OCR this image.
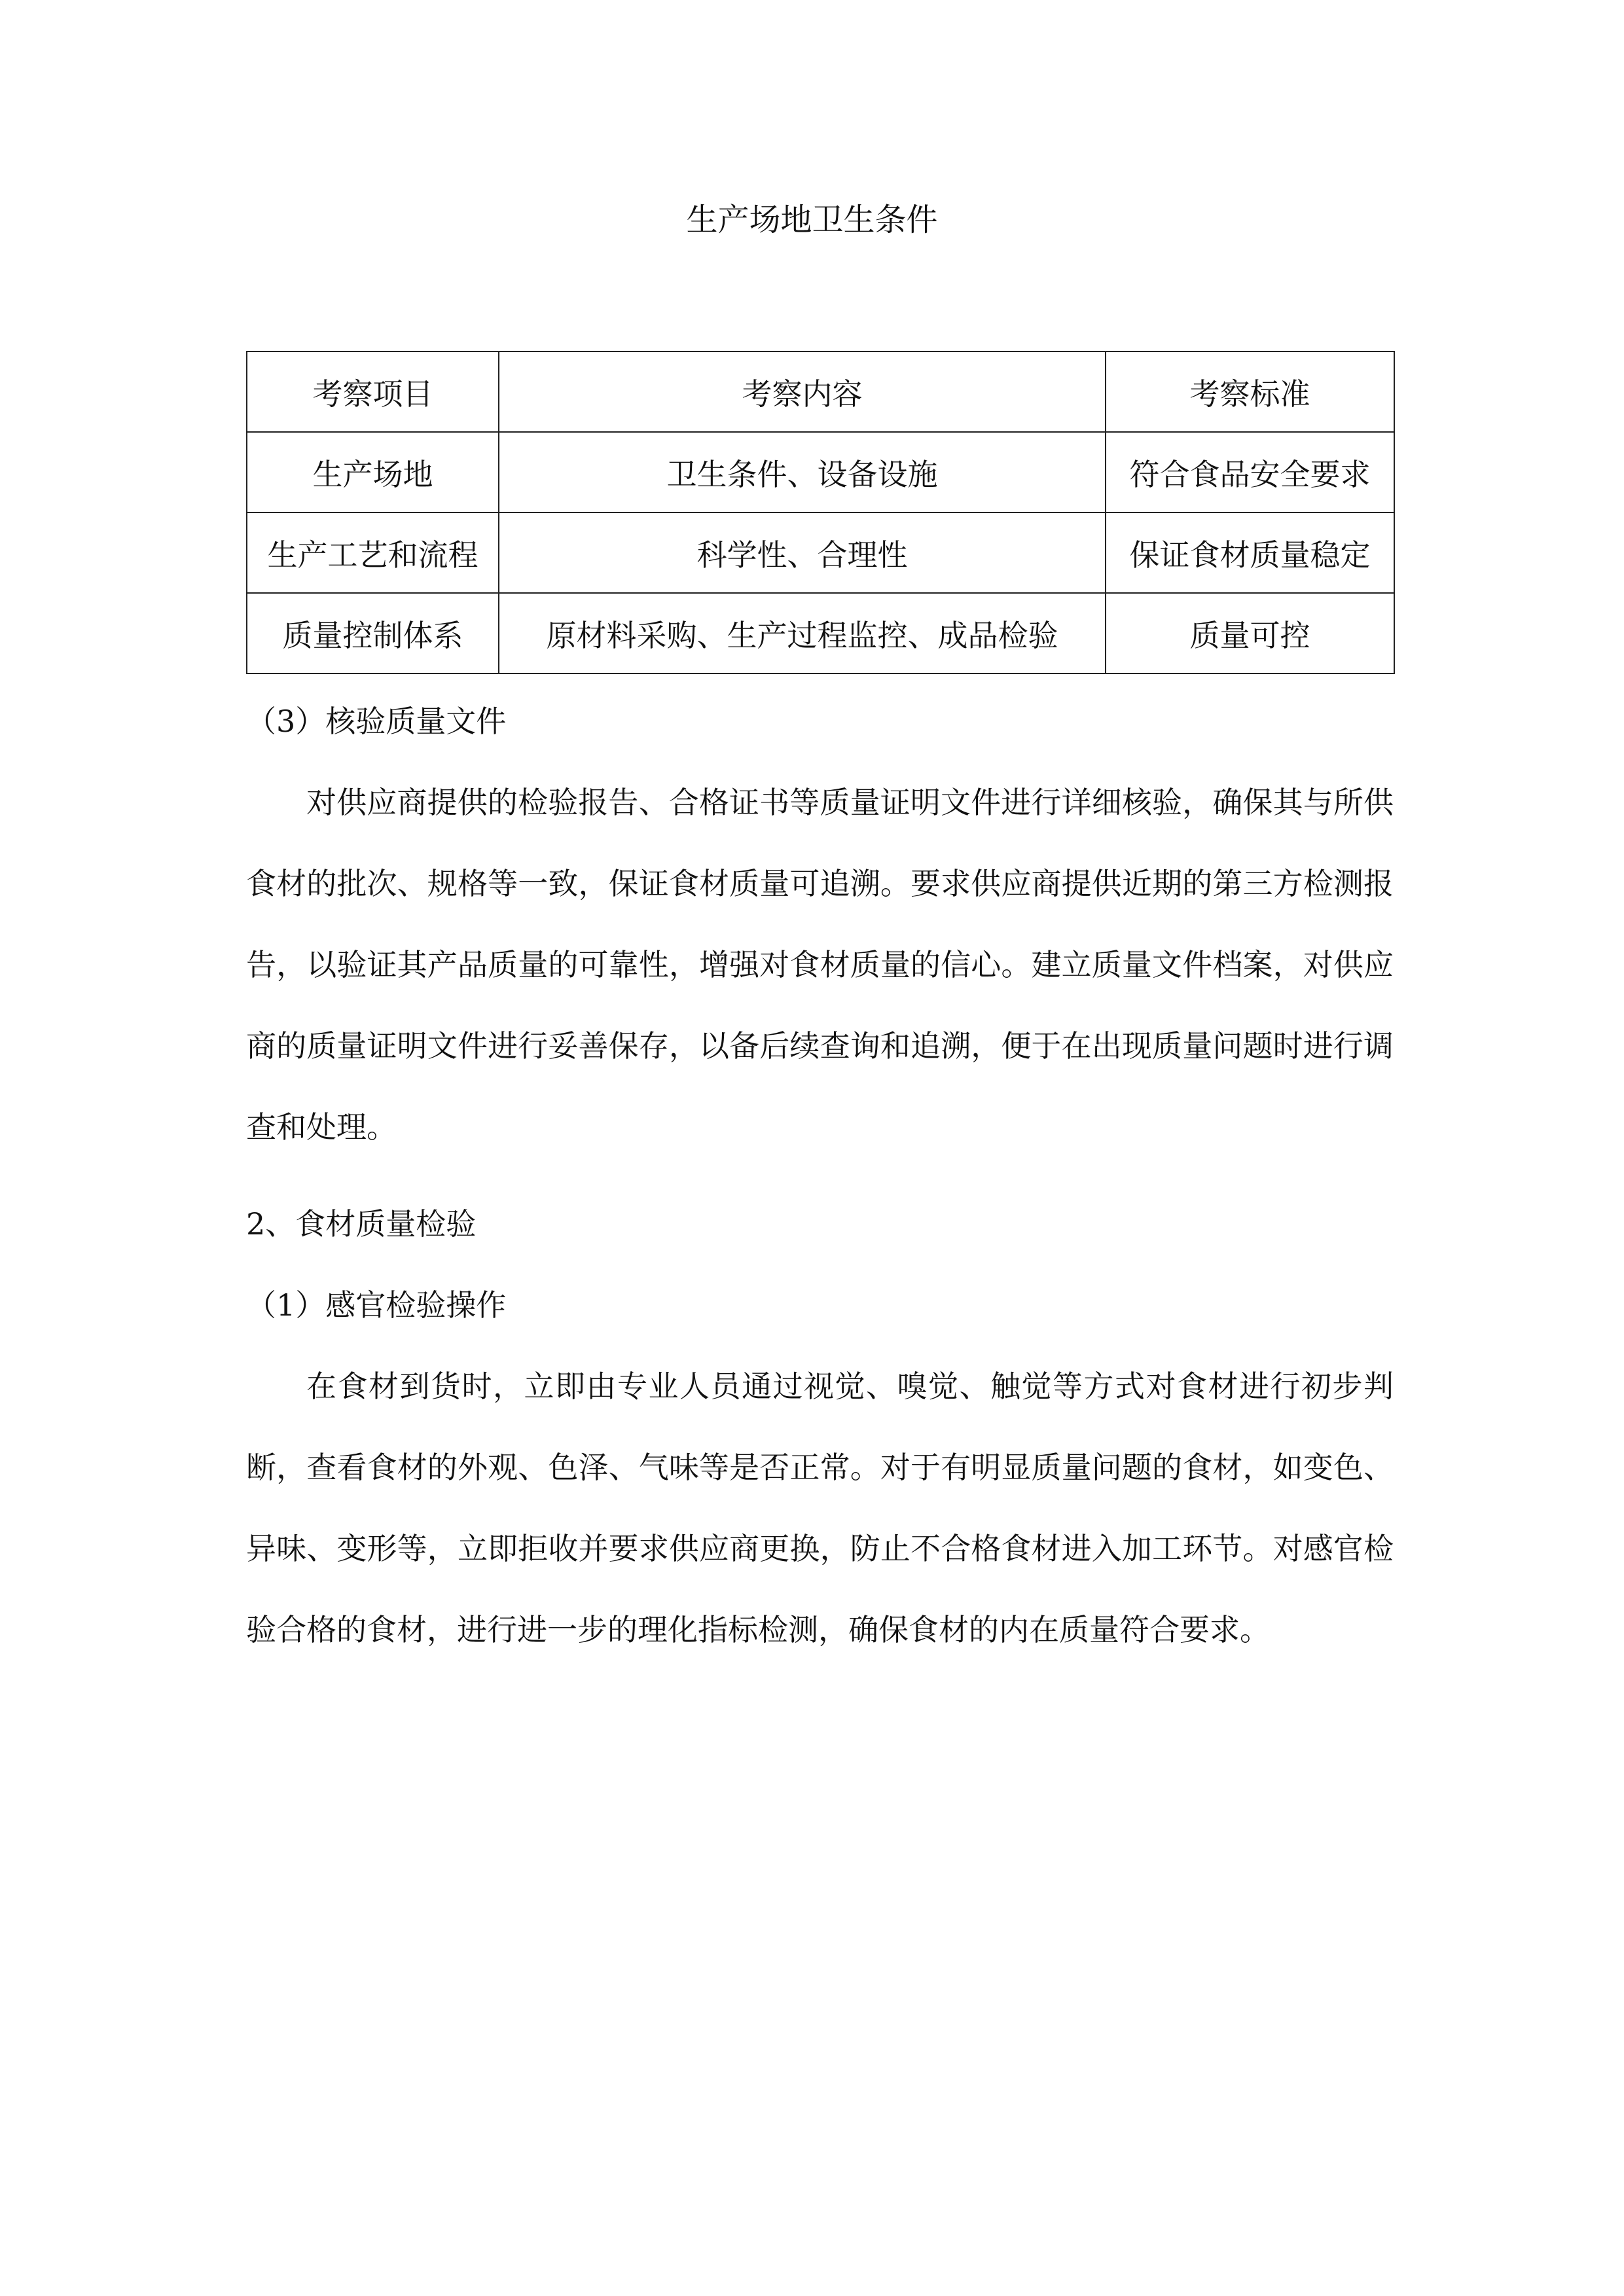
生产场地卫生条件
考察项目	考察内容	考察标准
生产场地	卫生条件、设备设施	符合食品安全要求
生产工艺和流程	科学性、合理性	保证食材质量稳定
质量控制体系	原材料采购、生产过程监控、成品检验	质量可控

（3）核验质量文件

对供应商提供的检验报告、合格证书等质量证明文件进行详细核验，确保其与所供食材的批次、规格等一致，保证食材质量可追溯。要求供应商提供近期的第三方检测报告，以验证其产品质量的可靠性，增强对食材质量的信心。建立质量文件档案，对供应商的质量证明文件进行妥善保存，以备后续查询和追溯，便于在出现质量问题时进行调查和处理。

2、食材质量检验

（1）感官检验操作

在食材到货时，立即由专业人员通过视觉、嗅觉、触觉等方式对食材进行初步判断，查看食材的外观、色泽、气味等是否正常。对于有明显质量问题的食材，如变色、异味、变形等，立即拒收并要求供应商更换，防止不合格食材进入加工环节。对感官检验合格的食材，进行进一步的理化指标检测，确保食材的内在质量符合要求。
